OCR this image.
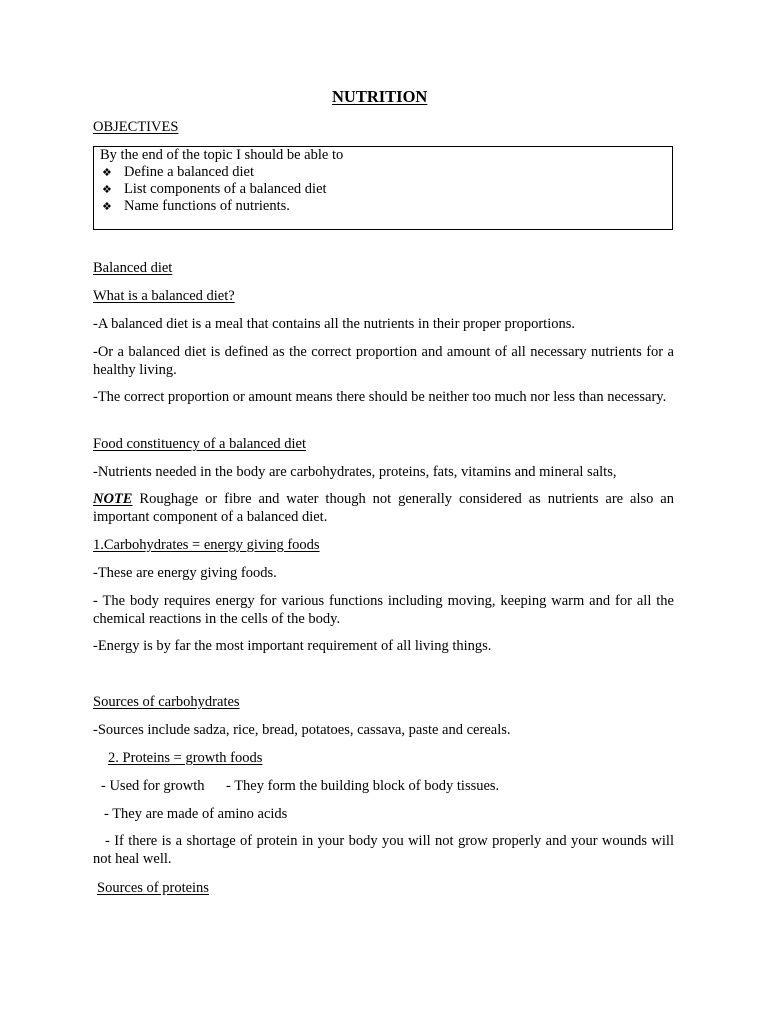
NUTRITION
OBJECTIVES
By the end of the topic I should be able to
❖ Define a balanced diet
❖ List components of a balanced diet
❖ Name functions of nutrients.
Balanced diet
What is a balanced diet?
-A balanced diet is a meal that contains all the nutrients in their proper proportions.
-Or a balanced diet is defined as the correct proportion and amount of all necessary nutrients for a healthy living.
-The correct proportion or amount means there should be neither too much nor less than necessary.
Food constituency of a balanced diet
-Nutrients needed in the body are carbohydrates, proteins, fats, vitamins and mineral salts,
NOTE Roughage or fibre and water though not generally considered as nutrients are also an important component of a balanced diet.
1.Carbohydrates = energy giving foods
-These are energy giving foods.
- The body requires energy for various functions including moving, keeping warm and for all the chemical reactions in the cells of the body.
-Energy is by far the most important requirement of all living things.
Sources of carbohydrates
-Sources include sadza, rice, bread, potatoes, cassava, paste and cereals.
2. Proteins = growth foods
- Used for growth - They form the building block of body tissues.
- They are made of amino acids
- If there is a shortage of protein in your body you will not grow properly and your wounds will not heal well.
Sources of proteins
